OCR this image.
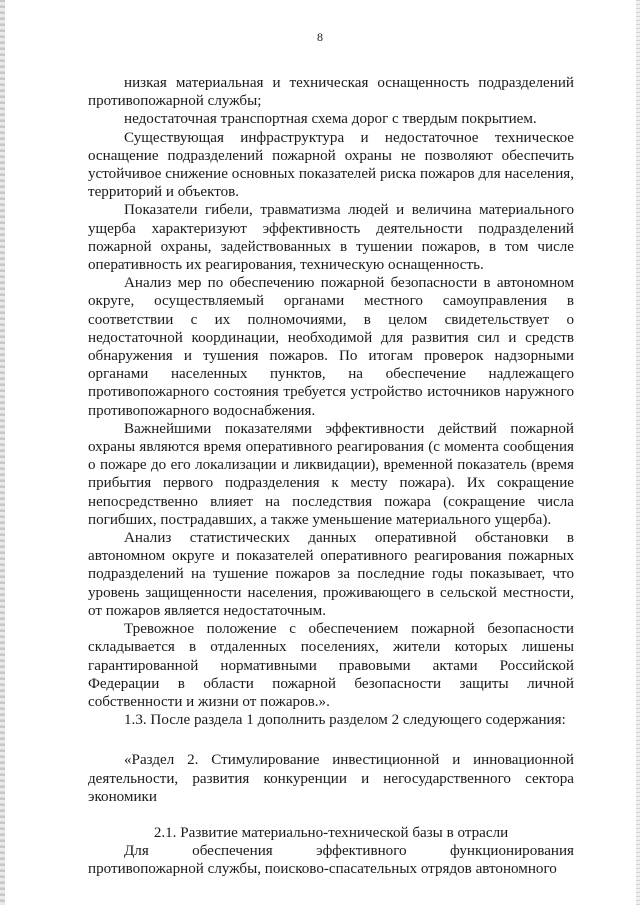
8

низкая материальная и техническая оснащенность подразделений противопожарной службы;

недостаточная транспортная схема дорог с твердым покрытием.

Существующая инфраструктура и недостаточное техническое оснащение подразделений пожарной охраны не позволяют обеспечить устойчивое снижение основных показателей риска пожаров для населения, территорий и объектов.

Показатели гибели, травматизма людей и величина материального ущерба характеризуют эффективность деятельности подразделений пожарной охраны, задействованных в тушении пожаров, в том числе оперативность их реагирования, техническую оснащенность.

Анализ мер по обеспечению пожарной безопасности в автономном округе, осуществляемый органами местного самоуправления в соответствии с их полномочиями, в целом свидетельствует о недостаточной координации, необходимой для развития сил и средств обнаружения и тушения пожаров. По итогам проверок надзорными органами населенных пунктов, на обеспечение надлежащего противопожарного состояния требуется устройство источников наружного противопожарного водоснабжения.

Важнейшими показателями эффективности действий пожарной охраны являются время оперативного реагирования (с момента сообщения о пожаре до его локализации и ликвидации), временной показатель (время прибытия первого подразделения к месту пожара). Их сокращение непосредственно влияет на последствия пожара (сокращение числа погибших, пострадавших, а также уменьшение материального ущерба).

Анализ статистических данных оперативной обстановки в автономном округе и показателей оперативного реагирования пожарных подразделений на тушение пожаров за последние годы показывает, что уровень защищенности населения, проживающего в сельской местности, от пожаров является недостаточным.

Тревожное положение с обеспечением пожарной безопасности складывается в отдаленных поселениях, жители которых лишены гарантированной нормативными правовыми актами Российской Федерации в области пожарной безопасности защиты личной собственности и жизни от пожаров.».

1.3. После раздела 1 дополнить разделом 2 следующего содержания:

«Раздел 2. Стимулирование инвестиционной и инновационной деятельности, развития конкуренции и негосударственного сектора экономики

2.1. Развитие материально-технической базы в отрасли

Для обеспечения эффективного функционирования противопожарной службы, поисково-спасательных отрядов автономного
